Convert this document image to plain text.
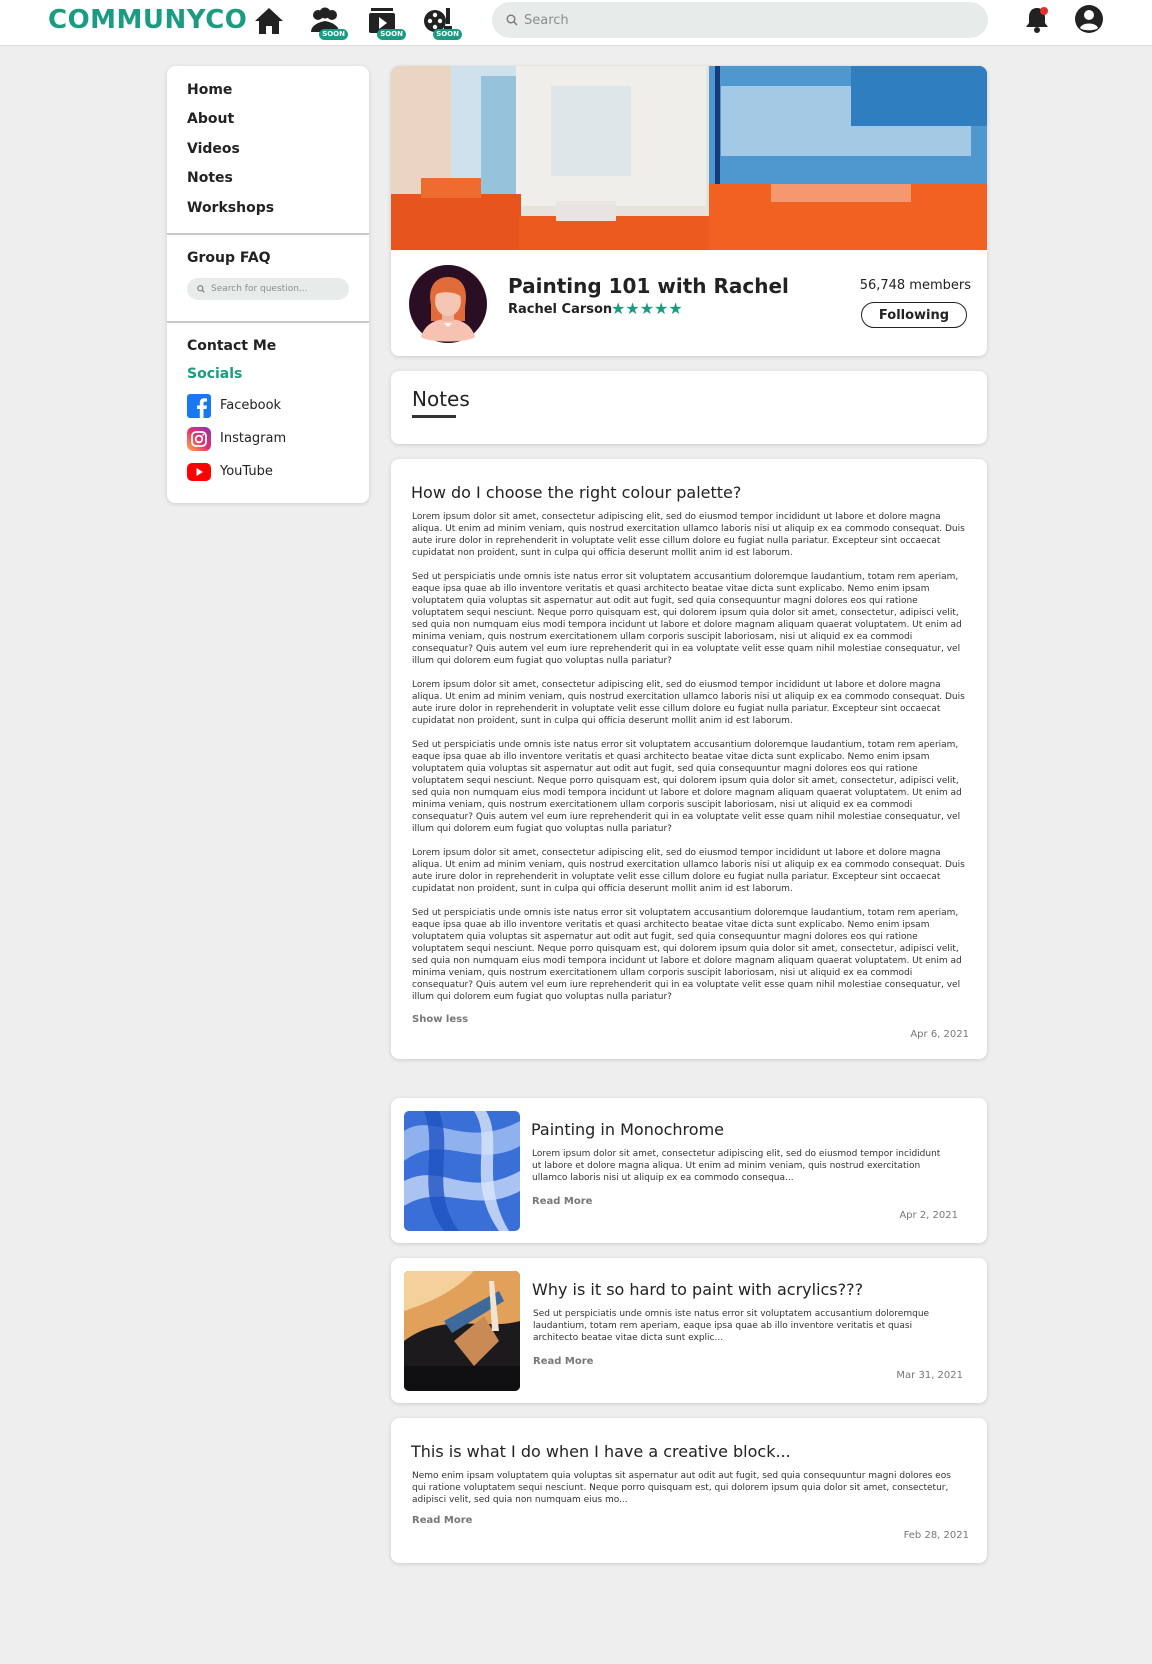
COMMUNYCO	SOON	SOON	SOON
Search
Home
About
Videos
Notes
Workshops
Group FAQ
Search for question...
Contact Me
Socials
Facebook
Instagram
YouTube
Painting 101 with Rachel
Rachel Carson
★★★★★
56,748 members
Following
Notes
How do I choose the right colour palette?

Lorem ipsum dolor sit amet, consectetur adipiscing elit, sed do eiusmod tempor incididunt ut labore et dolore magna aliqua. Ut enim ad minim veniam, quis nostrud exercitation ullamco laboris nisi ut aliquip ex ea commodo consequat. Duis aute irure dolor in reprehenderit in voluptate velit esse cillum dolore eu fugiat nulla pariatur. Excepteur sint occaecat cupidatat non proident, sunt in culpa qui officia deserunt mollit anim id est laborum.

Sed ut perspiciatis unde omnis iste natus error sit voluptatem accusantium doloremque laudantium, totam rem aperiam, eaque ipsa quae ab illo inventore veritatis et quasi architecto beatae vitae dicta sunt explicabo. Nemo enim ipsam voluptatem quia voluptas sit aspernatur aut odit aut fugit, sed quia consequuntur magni dolores eos qui ratione voluptatem sequi nesciunt. Neque porro quisquam est, qui dolorem ipsum quia dolor sit amet, consectetur, adipisci velit, sed quia non numquam eius modi tempora incidunt ut labore et dolore magnam aliquam quaerat voluptatem. Ut enim ad minima veniam, quis nostrum exercitationem ullam corporis suscipit laboriosam, nisi ut aliquid ex ea commodi consequatur? Quis autem vel eum iure reprehenderit qui in ea voluptate velit esse quam nihil molestiae consequatur, vel illum qui dolorem eum fugiat quo voluptas nulla pariatur?

Lorem ipsum dolor sit amet, consectetur adipiscing elit, sed do eiusmod tempor incididunt ut labore et dolore magna aliqua. Ut enim ad minim veniam, quis nostrud exercitation ullamco laboris nisi ut aliquip ex ea commodo consequat. Duis aute irure dolor in reprehenderit in voluptate velit esse cillum dolore eu fugiat nulla pariatur. Excepteur sint occaecat cupidatat non proident, sunt in culpa qui officia deserunt mollit anim id est laborum.

Sed ut perspiciatis unde omnis iste natus error sit voluptatem accusantium doloremque laudantium, totam rem aperiam, eaque ipsa quae ab illo inventore veritatis et quasi architecto beatae vitae dicta sunt explicabo. Nemo enim ipsam voluptatem quia voluptas sit aspernatur aut odit aut fugit, sed quia consequuntur magni dolores eos qui ratione voluptatem sequi nesciunt. Neque porro quisquam est, qui dolorem ipsum quia dolor sit amet, consectetur, adipisci velit, sed quia non numquam eius modi tempora incidunt ut labore et dolore magnam aliquam quaerat voluptatem. Ut enim ad minima veniam, quis nostrum exercitationem ullam corporis suscipit laboriosam, nisi ut aliquid ex ea commodi consequatur? Quis autem vel eum iure reprehenderit qui in ea voluptate velit esse quam nihil molestiae consequatur, vel illum qui dolorem eum fugiat quo voluptas nulla pariatur?

Lorem ipsum dolor sit amet, consectetur adipiscing elit, sed do eiusmod tempor incididunt ut labore et dolore magna aliqua. Ut enim ad minim veniam, quis nostrud exercitation ullamco laboris nisi ut aliquip ex ea commodo consequat. Duis aute irure dolor in reprehenderit in voluptate velit esse cillum dolore eu fugiat nulla pariatur. Excepteur sint occaecat cupidatat non proident, sunt in culpa qui officia deserunt mollit anim id est laborum.

Sed ut perspiciatis unde omnis iste natus error sit voluptatem accusantium doloremque laudantium, totam rem aperiam, eaque ipsa quae ab illo inventore veritatis et quasi architecto beatae vitae dicta sunt explicabo. Nemo enim ipsam voluptatem quia voluptas sit aspernatur aut odit aut fugit, sed quia consequuntur magni dolores eos qui ratione voluptatem sequi nesciunt. Neque porro quisquam est, qui dolorem ipsum quia dolor sit amet, consectetur, adipisci velit, sed quia non numquam eius modi tempora incidunt ut labore et dolore magnam aliquam quaerat voluptatem. Ut enim ad minima veniam, quis nostrum exercitationem ullam corporis suscipit laboriosam, nisi ut aliquid ex ea commodi consequatur? Quis autem vel eum iure reprehenderit qui in ea voluptate velit esse quam nihil molestiae consequatur, vel illum qui dolorem eum fugiat quo voluptas nulla pariatur?

Show less
Apr 6, 2021
Painting in Monochrome
Lorem ipsum dolor sit amet, consectetur adipiscing elit, sed do eiusmod tempor incididunt ut labore et dolore magna aliqua. Ut enim ad minim veniam, quis nostrud exercitation ullamco laboris nisi ut aliquip ex ea commodo consequa...
Read More
Apr 2, 2021
Why is it so hard to paint with acrylics???
Sed ut perspiciatis unde omnis iste natus error sit voluptatem accusantium doloremque laudantium, totam rem aperiam, eaque ipsa quae ab illo inventore veritatis et quasi architecto beatae vitae dicta sunt explic...
Read More
Mar 31, 2021
This is what I do when I have a creative block...
Nemo enim ipsam voluptatem quia voluptas sit aspernatur aut odit aut fugit, sed quia consequuntur magni dolores eos qui ratione voluptatem sequi nesciunt. Neque porro quisquam est, qui dolorem ipsum quia dolor sit amet, consectetur, adipisci velit, sed quia non numquam eius mo...
Read More
Feb 28, 2021
